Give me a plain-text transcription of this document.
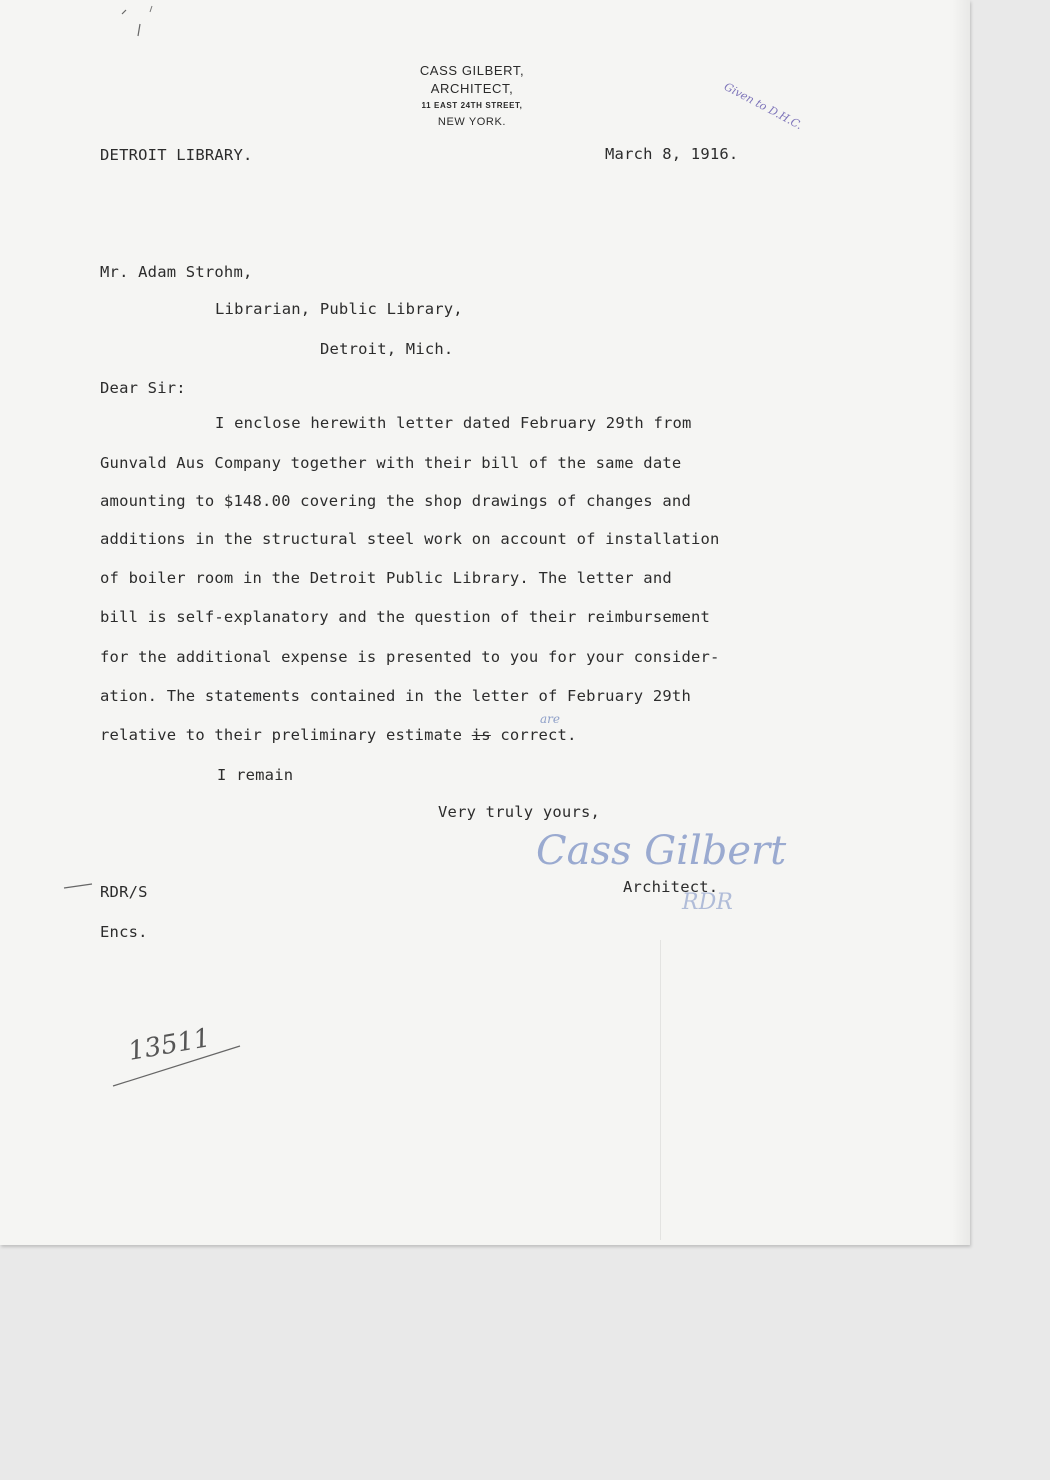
CASS GILBERT,
ARCHITECT,
11 EAST 24TH STREET,
NEW YORK.	Given to D.H.C.
DETROIT LIBRARY.	March 8, 1916.
Mr. Adam Strohm,
Librarian, Public Library,
Detroit, Mich.
Dear Sir:
I enclose herewith letter dated February 29th from
Gunvald Aus Company together with their bill of the same date
amounting to $148.00 covering the shop drawings of changes and
additions in the structural steel work on account of installation
of boiler room in the Detroit Public Library. The letter and
bill is self-explanatory and the question of their reimbursement
for the additional expense is presented to you for your consider-
ation. The statements contained in the letter of February 29th
relative to their preliminary estimate is correct.
are
I remain
Very truly yours,
Cass Gilbert
Architect.
RDR
RDR/S
Encs.
13511
